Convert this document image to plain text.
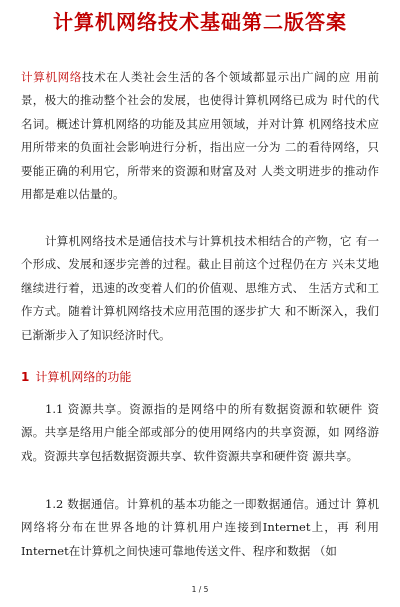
计算机网络技术基础第二版答案

计算机网络技术在人类社会生活的各个领域都显示出广阔的应 用前景，极大的推动整个社会的发展，也使得计算机网络已成为 时代的代名词。概述计算机网络的功能及其应用领域，并对计算 机网络技术应用所带来的负面社会影响进行分析，指出应一分为 二的看待网络，只要能正确的利用它，所带来的资源和财富及对 人类文明进步的推动作用都是难以估量的。

计算机网络技术是通信技术与计算机技术相结合的产物，它 有一个形成、发展和逐步完善的过程。截止目前这个过程仍在方 兴未艾地继续进行着，迅速的改变着人们的价值观、思维方式、 生活方式和工作方式。随着计算机网络技术应用范围的逐步扩大 和不断深入，我们已渐渐步入了知识经济时代。

1 计算机网络的功能

1.1 资源共享。资源指的是网络中的所有数据资源和软硬件 资源。共享是络用户能全部或部分的使用网络内的共享资源，如 网络游戏。资源共享包括数据资源共享、软件资源共享和硬件资 源共享。

1.2 数据通信。计算机的基本功能之一即数据通信。通过计 算机网络将分布在世界各地的计算机用户连接到Internet上，再 利用Internet在计算机之间快速可靠地传送文件、程序和数据 （如

1 / 5
